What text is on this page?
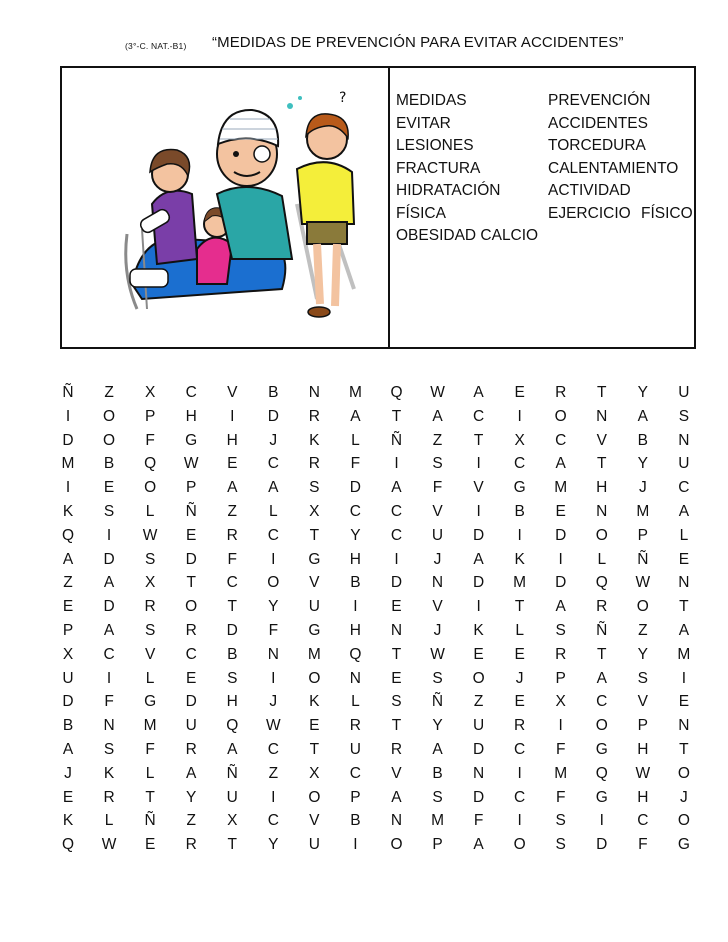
(3°-C. NAT.-B1) “MEDIDAS DE PREVENCIÓN PARA EVITAR ACCIDENTES”
?	MEDIDAS	PREVENCIÓN
EVITAR	ACCIDENTES
LESIONES	TORCEDURA
FRACTURA	CALENTAMIENTO
HIDRATACIÓN	ACTIVIDAD
FÍSICA	EJERCICIO FÍSICO
OBESIDAD CALCIO
Ñ	Z	X	C	V	B	N	M	Q	W	A	E	R	T	Y	U
I	O	P	H	I	D	R	A	T	A	C	I	O	N	A	S
D	O	F	G	H	J	K	L	Ñ	Z	T	X	C	V	B	N
M	B	Q	W	E	C	R	F	I	S	I	C	A	T	Y	U
I	E	O	P	A	A	S	D	A	F	V	G	M	H	J	C
K	S	L	Ñ	Z	L	X	C	C	V	I	B	E	N	M	A
Q	I	W	E	R	C	T	Y	C	U	D	I	D	O	P	L
A	D	S	D	F	I	G	H	I	J	A	K	I	L	Ñ	E
Z	A	X	T	C	O	V	B	D	N	D	M	D	Q	W	N
E	D	R	O	T	Y	U	I	E	V	I	T	A	R	O	T
P	A	S	R	D	F	G	H	N	J	K	L	S	Ñ	Z	A
X	C	V	C	B	N	M	Q	T	W	E	E	R	T	Y	M
U	I	L	E	S	I	O	N	E	S	O	J	P	A	S	I
D	F	G	D	H	J	K	L	S	Ñ	Z	E	X	C	V	E
B	N	M	U	Q	W	E	R	T	Y	U	R	I	O	P	N
A	S	F	R	A	C	T	U	R	A	D	C	F	G	H	T
J	K	L	A	Ñ	Z	X	C	V	B	N	I	M	Q	W	O
E	R	T	Y	U	I	O	P	A	S	D	C	F	G	H	J
K	L	Ñ	Z	X	C	V	B	N	M	F	I	S	I	C	O
Q	W	E	R	T	Y	U	I	O	P	A	O	S	D	F	G
